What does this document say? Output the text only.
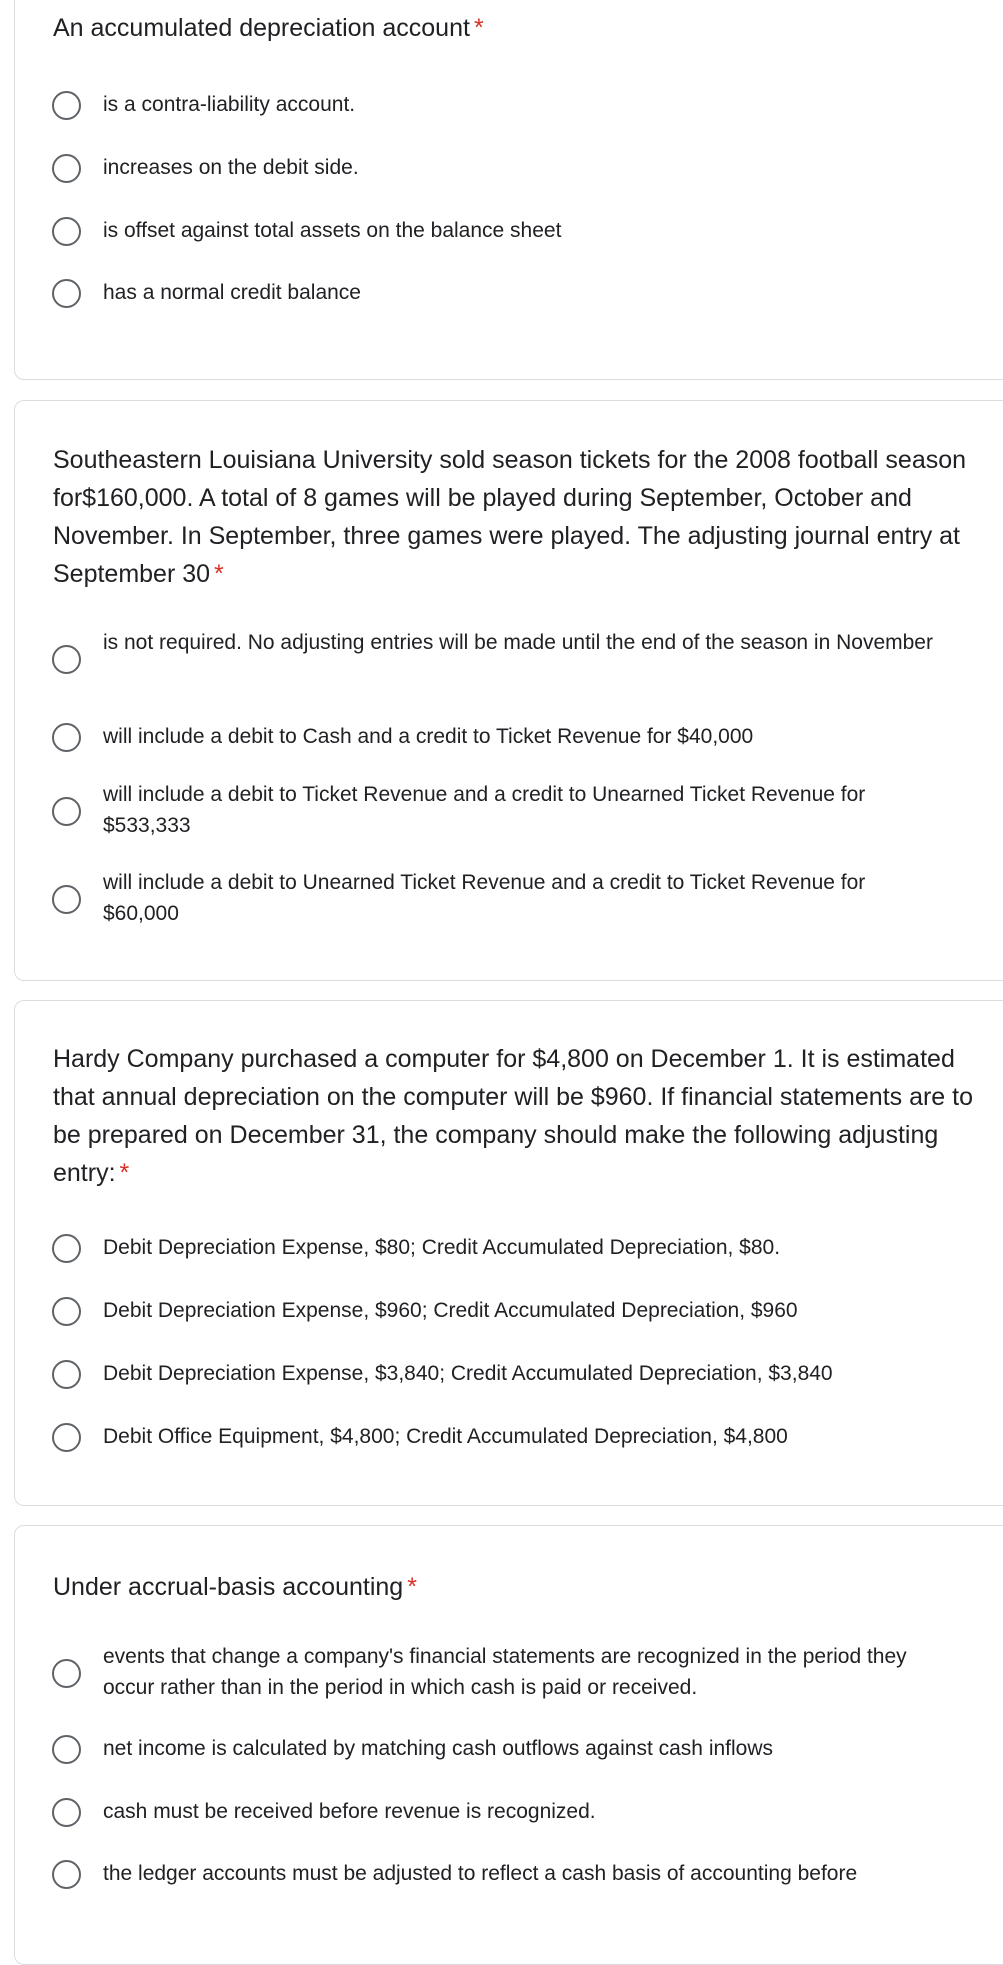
An accumulated depreciation account *
is a contra-liability account.
increases on the debit side.
is offset against total assets on the balance sheet
has a normal credit balance
Southeastern Louisiana University sold season tickets for the 2008 football season for$160,000. A total of 8 games will be played during September, October and November. In September, three games were played. The adjusting journal entry at September 30 *
is not required. No adjusting entries will be made until the end of the season in November
will include a debit to Cash and a credit to Ticket Revenue for $40,000
will include a debit to Ticket Revenue and a credit to Unearned Ticket Revenue for $533,333
will include a debit to Unearned Ticket Revenue and a credit to Ticket Revenue for $60,000
Hardy Company purchased a computer for $4,800 on December 1. It is estimated that annual depreciation on the computer will be $960. If financial statements are to be prepared on December 31, the company should make the following adjusting entry: *
Debit Depreciation Expense, $80; Credit Accumulated Depreciation, $80.
Debit Depreciation Expense, $960; Credit Accumulated Depreciation, $960
Debit Depreciation Expense, $3,840; Credit Accumulated Depreciation, $3,840
Debit Office Equipment, $4,800; Credit Accumulated Depreciation, $4,800
Under accrual-basis accounting *
events that change a company's financial statements are recognized in the period they occur rather than in the period in which cash is paid or received.
net income is calculated by matching cash outflows against cash inflows
cash must be received before revenue is recognized.
the ledger accounts must be adjusted to reflect a cash basis of accounting before
